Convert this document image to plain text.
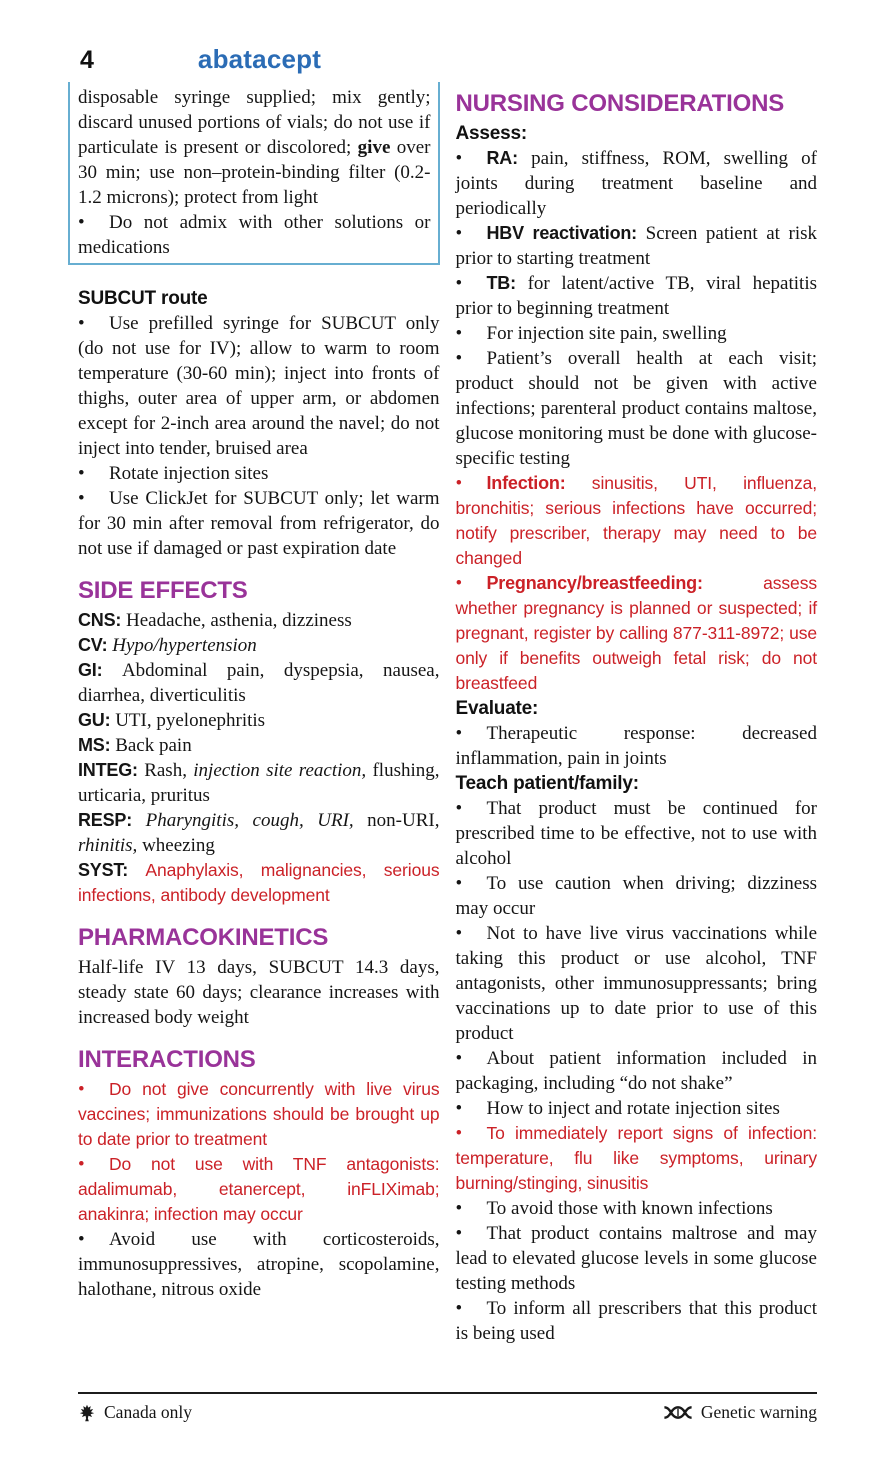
4	abatacept
disposable syringe supplied; mix gently; discard unused portions of vials; do not use if particulate is present or discolored; give over 30 min; use non–protein-binding filter (0.2-1.2 microns); protect from light
• Do not admix with other solutions or medications
SUBCUT route
• Use prefilled syringe for SUBCUT only (do not use for IV); allow to warm to room temperature (30-60 min); inject into fronts of thighs, outer area of upper arm, or abdomen except for 2-inch area around the navel; do not inject into tender, bruised area
• Rotate injection sites
• Use ClickJet for SUBCUT only; let warm for 30 min after removal from refrigerator, do not use if damaged or past expiration date
SIDE EFFECTS
CNS: Headache, asthenia, dizziness
CV: Hypo/hypertension
GI: Abdominal pain, dyspepsia, nausea, diarrhea, diverticulitis
GU: UTI, pyelonephritis
MS: Back pain
INTEG: Rash, injection site reaction, flushing, urticaria, pruritus
RESP: Pharyngitis, cough, URI, non-URI, rhinitis, wheezing
SYST: Anaphylaxis, malignancies, serious infections, antibody development
PHARMACOKINETICS
Half-life IV 13 days, SUBCUT 14.3 days, steady state 60 days; clearance increases with increased body weight
INTERACTIONS
• Do not give concurrently with live virus vaccines; immunizations should be brought up to date prior to treatment
• Do not use with TNF antagonists: adalimumab, etanercept, inFLIXimab; anakinra; infection may occur
• Avoid use with corticosteroids, immunosuppressives, atropine, scopolamine, halothane, nitrous oxide
NURSING CONSIDERATIONS
Assess:
• RA: pain, stiffness, ROM, swelling of joints during treatment baseline and periodically
• HBV reactivation: Screen patient at risk prior to starting treatment
• TB: for latent/active TB, viral hepatitis prior to beginning treatment
• For injection site pain, swelling
• Patient’s overall health at each visit; product should not be given with active infections; parenteral product contains maltose, glucose monitoring must be done with glucose-specific testing
• Infection: sinusitis, UTI, influenza, bronchitis; serious infections have occurred; notify prescriber, therapy may need to be changed
• Pregnancy/breastfeeding: assess whether pregnancy is planned or suspected; if pregnant, register by calling 877-311-8972; use only if benefits outweigh fetal risk; do not breastfeed
Evaluate:
• Therapeutic response: decreased inflammation, pain in joints
Teach patient/family:
• That product must be continued for prescribed time to be effective, not to use with alcohol
• To use caution when driving; dizziness may occur
• Not to have live virus vaccinations while taking this product or use alcohol, TNF antagonists, other immunosuppressants; bring vaccinations up to date prior to use of this product
• About patient information included in packaging, including “do not shake”
• How to inject and rotate injection sites
• To immediately report signs of infection: temperature, flu like symptoms, urinary burning/stinging, sinusitis
• To avoid those with known infections
• That product contains maltrose and may lead to elevated glucose levels in some glucose testing methods
• To inform all prescribers that this product is being used
Canada only	Genetic warning
